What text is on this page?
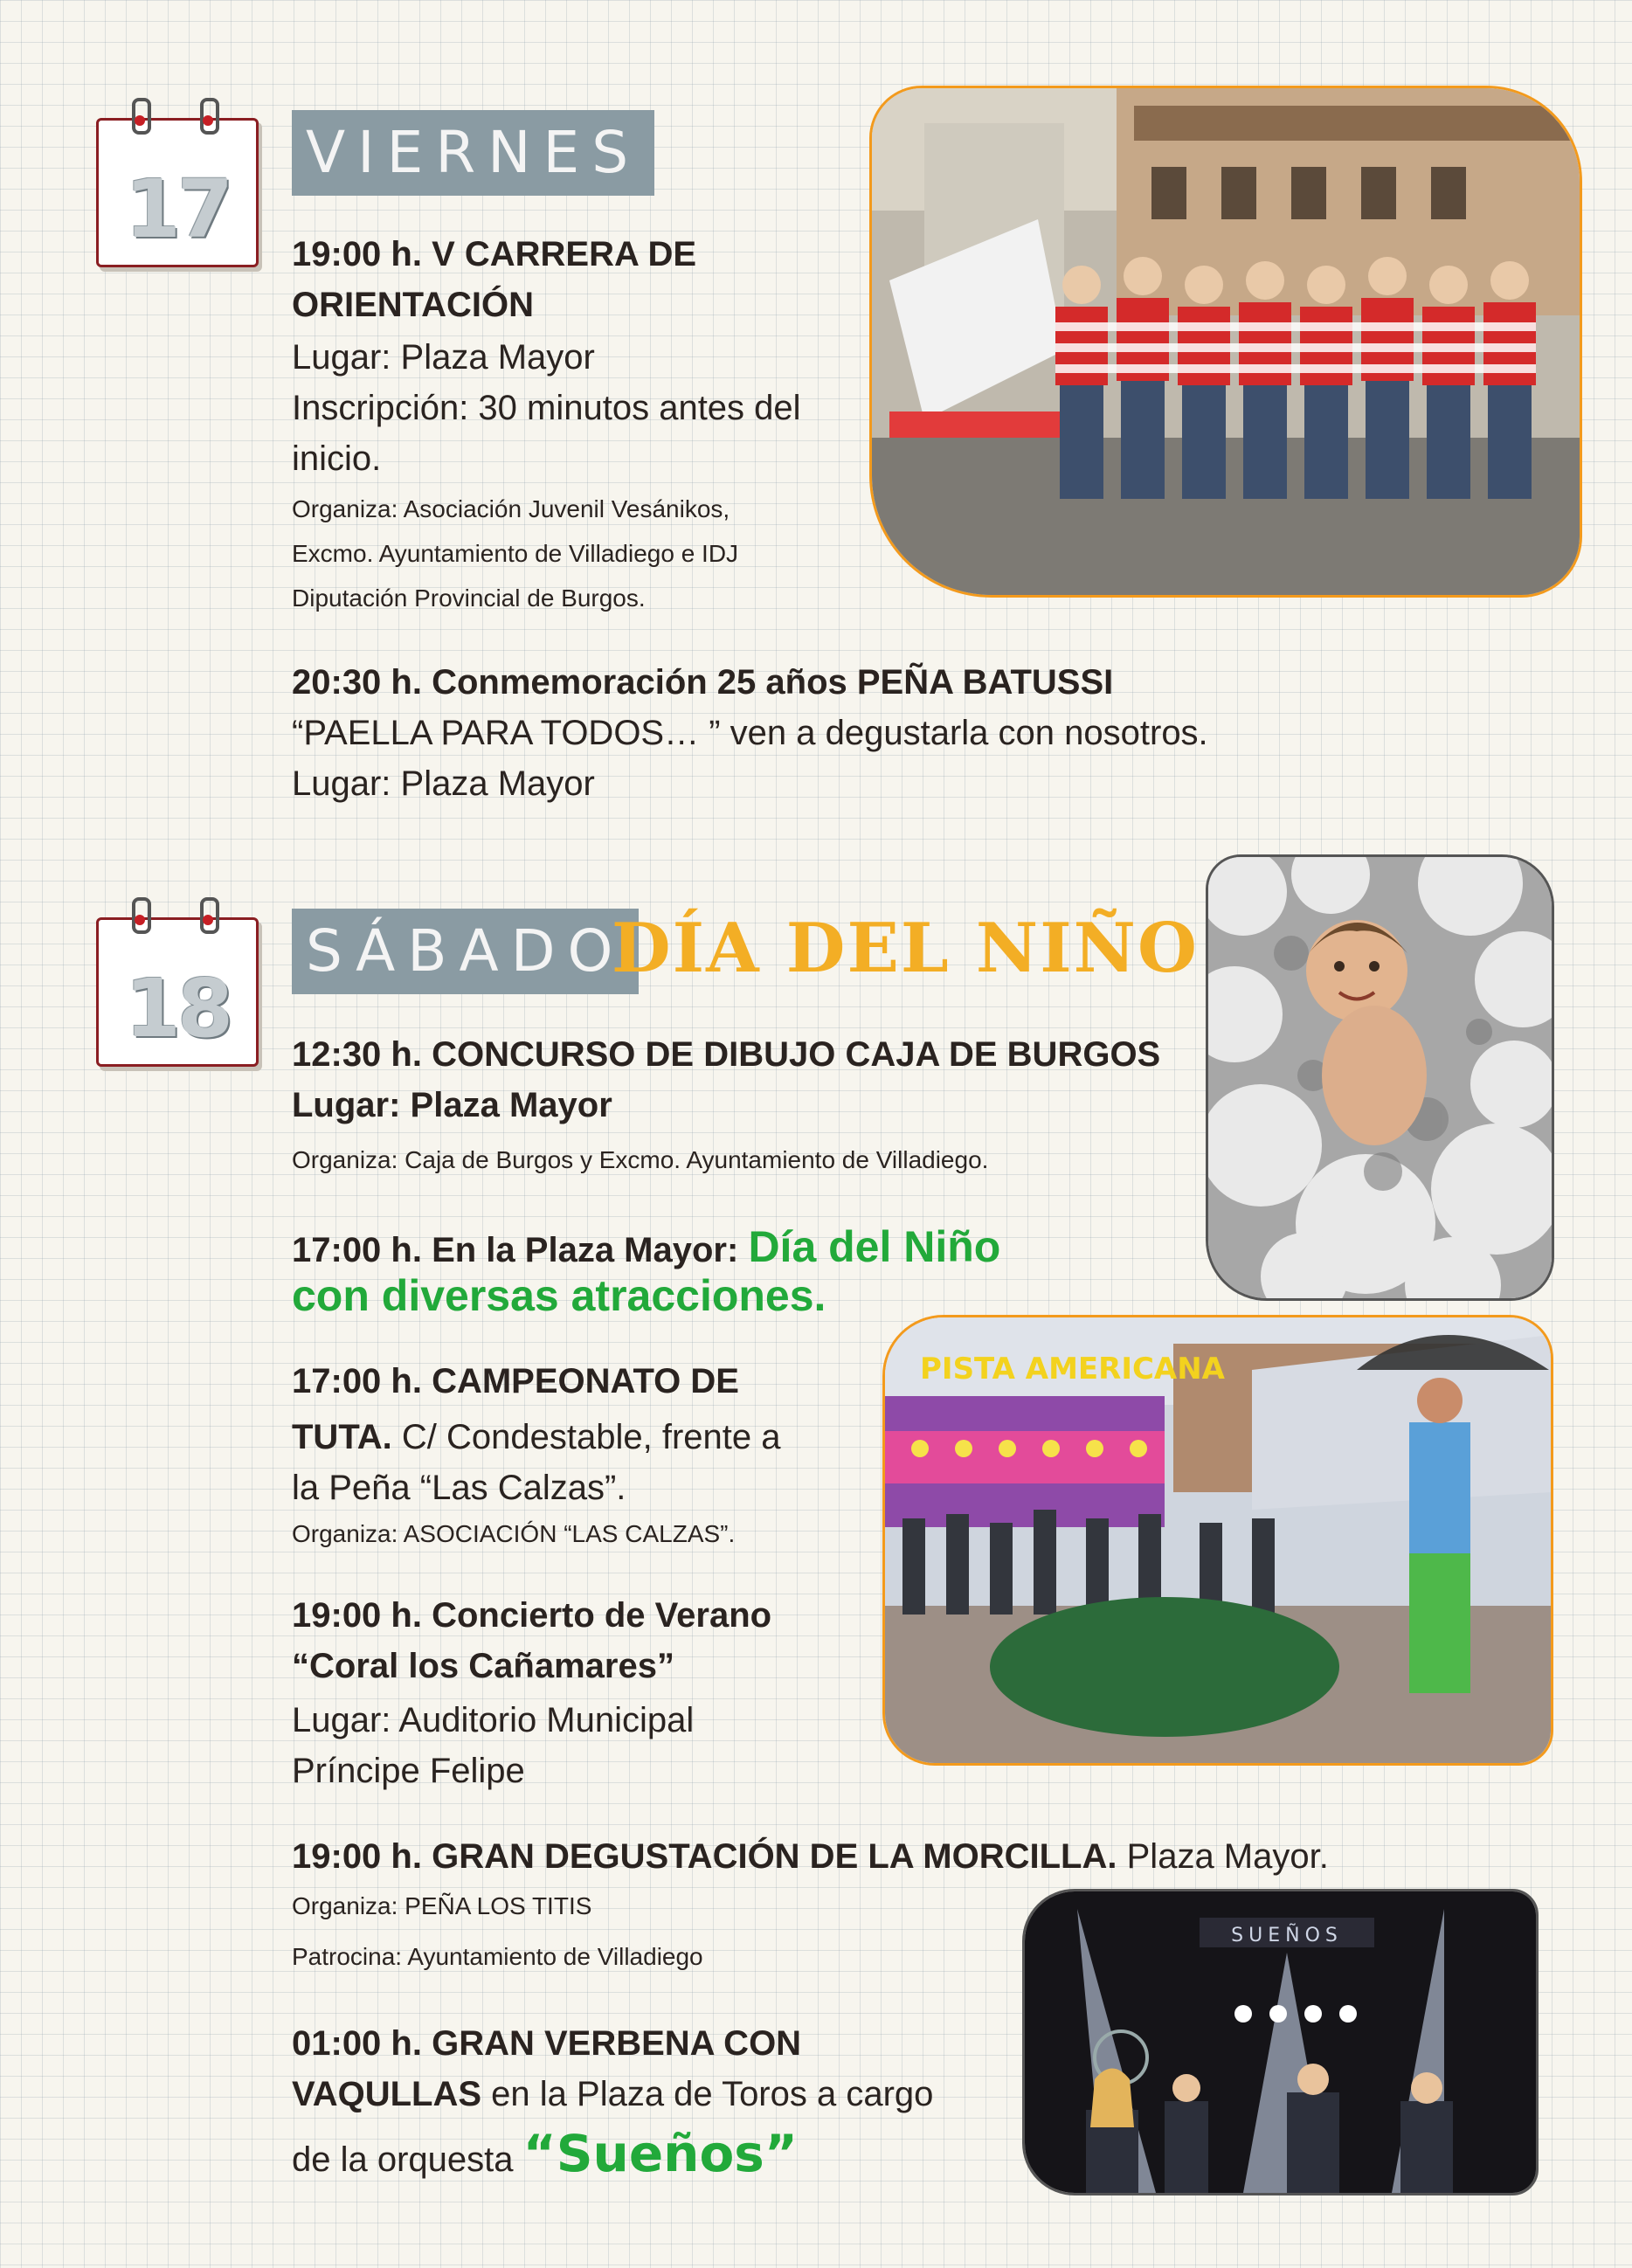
17
VIERNES
19:00 h. V CARRERA DE
ORIENTACIÓN
Lugar: Plaza Mayor
Inscripción: 30 minutos antes del
inicio.
Organiza: Asociación Juvenil Vesánikos,
Excmo. Ayuntamiento de Villadiego e IDJ
Diputación Provincial de Burgos.
20:30 h. Conmemoración 25 años PEÑA BATUSSI
“PAELLA PARA TODOS… ” ven a degustarla con nosotros.
Lugar: Plaza Mayor
18
SÁBADO
DÍA DEL NIÑO
12:30 h. CONCURSO DE DIBUJO CAJA DE BURGOS
Lugar: Plaza Mayor
Organiza: Caja de Burgos y Excmo. Ayuntamiento de Villadiego.
17:00 h. En la Plaza Mayor: Día del Niño
con diversas atracciones.
17:00 h. CAMPEONATO DE
TUTA. C/ Condestable, frente a
la Peña “Las Calzas”.
Organiza: ASOCIACIÓN “LAS CALZAS”.
19:00 h. Concierto de Verano
“Coral los Cañamares”
Lugar: Auditorio Municipal
Príncipe Felipe
19:00 h. GRAN DEGUSTACIÓN DE LA MORCILLA. Plaza Mayor.
Organiza: PEÑA LOS TITIS
Patrocina: Ayuntamiento de Villadiego
01:00 h. GRAN VERBENA CON
VAQULLAS en la Plaza de Toros a cargo
de la orquesta “Sueños”
PISTA AMERICANA
SUEÑOS
